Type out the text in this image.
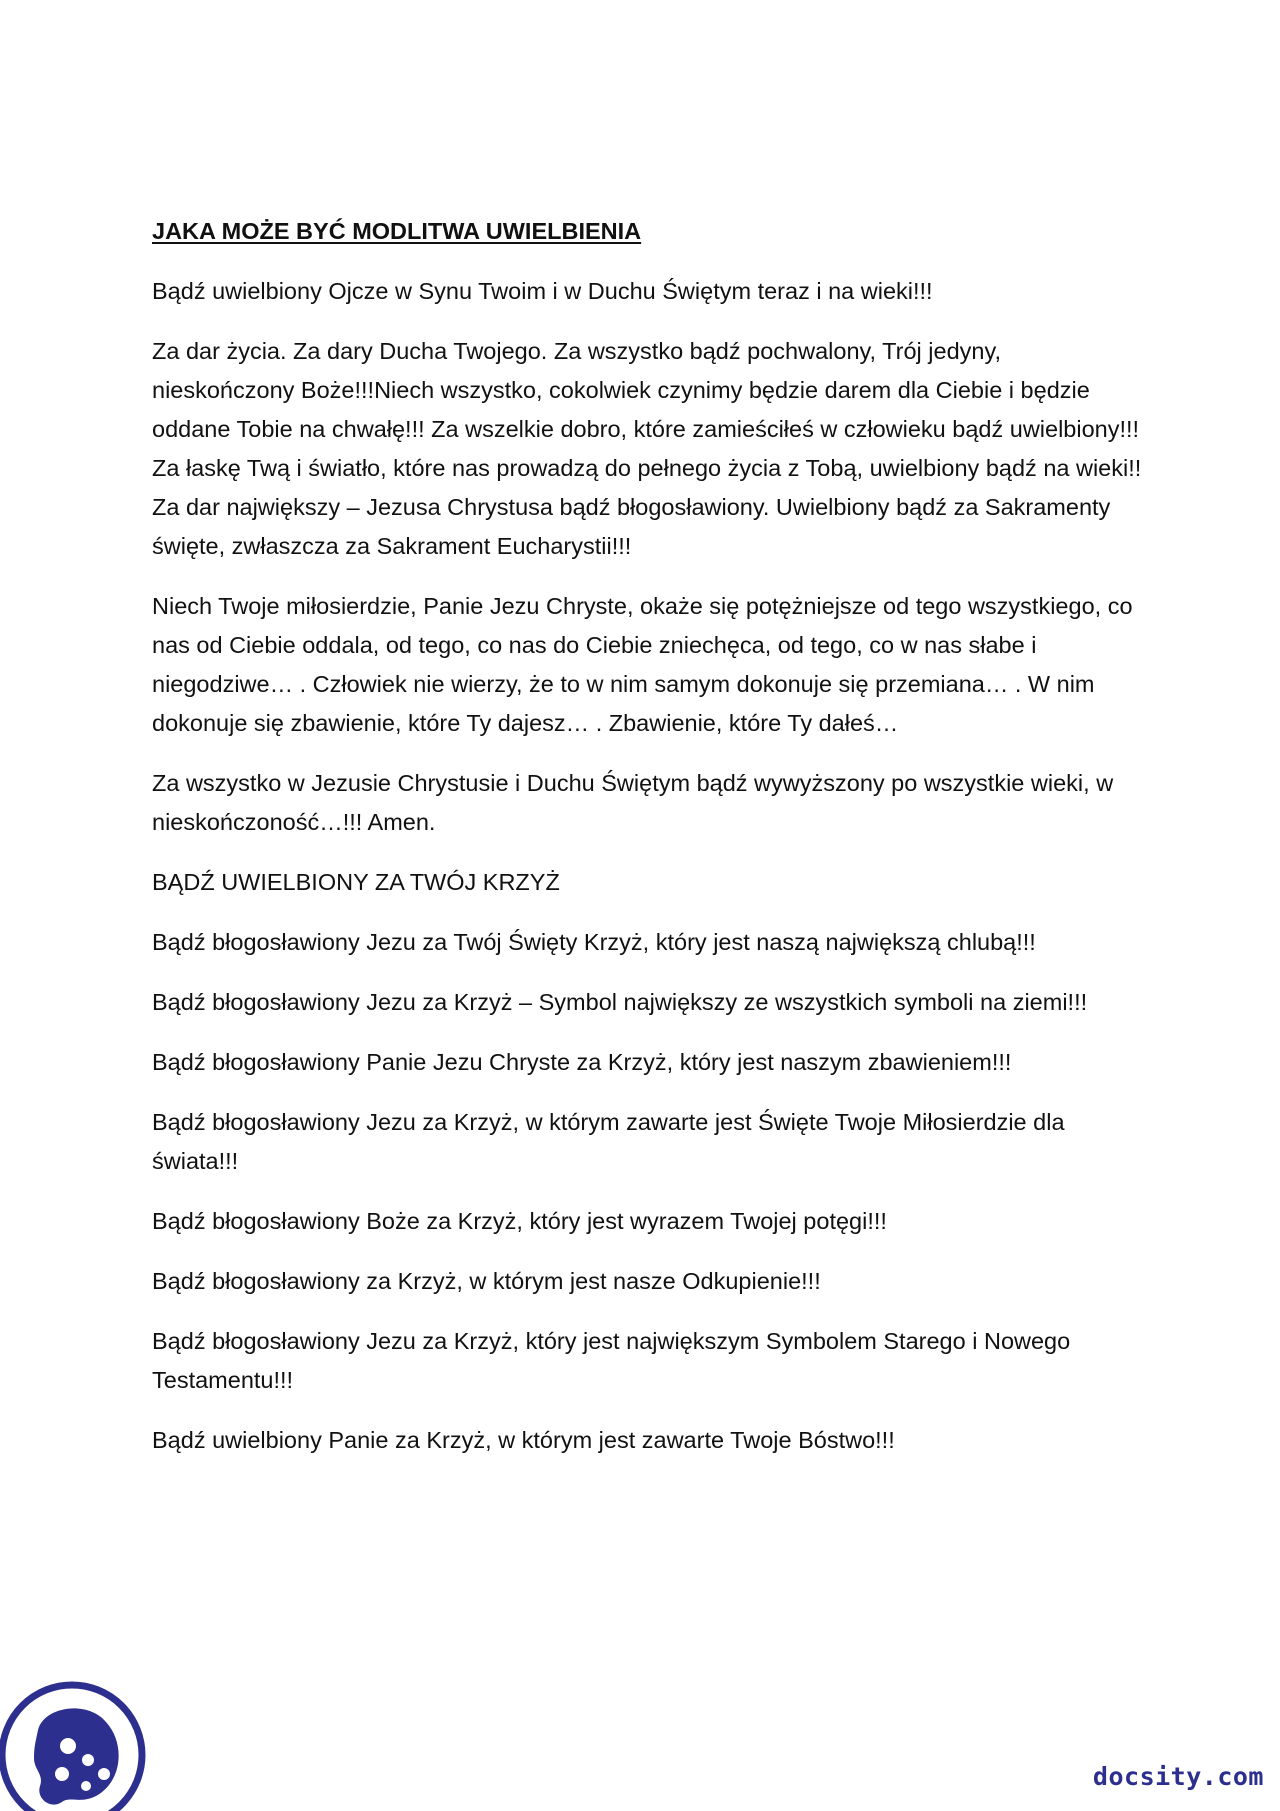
JAKA MOŻE BYĆ MODLITWA UWIELBIENIA

Bądź uwielbiony Ojcze w Synu Twoim i w Duchu Świętym teraz i na wieki!!!

Za dar życia. Za dary Ducha Twojego. Za wszystko bądź pochwalony, Trój jedyny, nieskończony Boże!!!Niech wszystko, cokolwiek czynimy będzie darem dla Ciebie i będzie oddane Tobie na chwałę!!! Za wszelkie dobro, które zamieściłeś w człowieku bądź uwielbiony!!! Za łaskę Twą i światło, które nas prowadzą do pełnego życia z Tobą, uwielbiony bądź na wieki!! Za dar największy – Jezusa Chrystusa bądź błogosławiony. Uwielbiony bądź za Sakramenty święte, zwłaszcza za Sakrament Eucharystii!!!

Niech Twoje miłosierdzie, Panie Jezu Chryste, okaże się potężniejsze od tego wszystkiego, co nas od Ciebie oddala, od tego, co nas do Ciebie zniechęca, od tego, co w nas słabe i niegodziwe… . Człowiek nie wierzy, że to w nim samym dokonuje się przemiana… . W nim dokonuje się zbawienie, które Ty dajesz… . Zbawienie, które Ty dałeś…

Za wszystko w Jezusie Chrystusie i Duchu Świętym bądź wywyższony po wszystkie wieki, w nieskończoność…!!! Amen.

BĄDŹ UWIELBIONY ZA TWÓJ KRZYŻ

Bądź błogosławiony Jezu za Twój Święty Krzyż, który jest naszą największą chlubą!!!

Bądź błogosławiony Jezu za Krzyż – Symbol największy ze wszystkich symboli na ziemi!!!

Bądź błogosławiony Panie Jezu Chryste za Krzyż, który jest naszym zbawieniem!!!

Bądź błogosławiony Jezu za Krzyż, w którym zawarte jest Święte Twoje Miłosierdzie dla świata!!!

Bądź błogosławiony Boże za Krzyż, który jest wyrazem Twojej potęgi!!!

Bądź błogosławiony za Krzyż, w którym jest nasze Odkupienie!!!

Bądź błogosławiony Jezu za Krzyż, który jest największym Symbolem Starego i Nowego Testamentu!!!

Bądź uwielbiony Panie za Krzyż, w którym jest zawarte Twoje Bóstwo!!!

docsity.com
